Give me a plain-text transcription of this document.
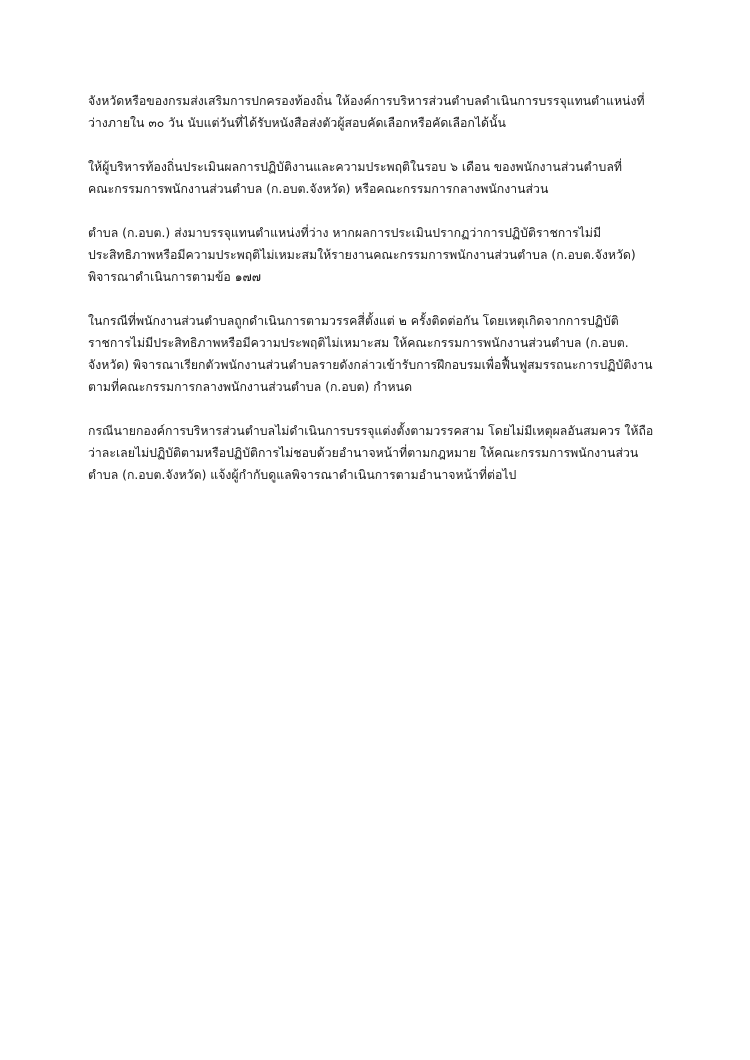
จังหวัดหรือของกรมส่งเสริมการปกครองท้องถิ่น ให้องค์การบริหารส่วนตำบลดำเนินการบรรจุแทนตำแหน่งที่
ว่างภายใน ๓๐ วัน นับแต่วันที่ได้รับหนังสือส่งตัวผู้สอบคัดเลือกหรือคัดเลือกได้นั้น

ให้ผู้บริหารท้องถิ่นประเมินผลการปฏิบัติงานและความประพฤติในรอบ ๖ เดือน ของพนักงานส่วนตำบลที่
คณะกรรมการพนักงานส่วนตำบล (ก.อบต.จังหวัด) หรือคณะกรรมการกลางพนักงานส่วน

ตำบล (ก.อบต.) ส่งมาบรรจุแทนตำแหน่งที่ว่าง หากผลการประเมินปรากฏว่าการปฏิบัติราชการไม่มี
ประสิทธิภาพหรือมีความประพฤติไม่เหมะสมให้รายงานคณะกรรมการพนักงานส่วนตำบล (ก.อบต.จังหวัด)
พิจารณาดำเนินการตามข้อ ๑๗๗

ในกรณีที่พนักงานส่วนตำบลถูกดำเนินการตามวรรคสี่ตั้งแต่ ๒ ครั้งติดต่อกัน โดยเหตุเกิดจากการปฏิบัติ
ราชการไม่มีประสิทธิภาพหรือมีความประพฤติไม่เหมาะสม ให้คณะกรรมการพนักงานส่วนตำบล (ก.อบต.
จังหวัด) พิจารณาเรียกตัวพนักงานส่วนตำบลรายดังกล่าวเข้ารับการฝึกอบรมเพื่อฟื้นฟูสมรรถนะการปฏิบัติงาน
ตามที่คณะกรรมการกลางพนักงานส่วนตำบล (ก.อบต) กำหนด

กรณีนายกองค์การบริหารส่วนตำบลไม่ดำเนินการบรรจุแต่งตั้งตามวรรคสาม โดยไม่มีเหตุผลอันสมควร ให้ถือ
ว่าละเลยไม่ปฏิบัติตามหรือปฏิบัติการไม่ชอบด้วยอำนาจหน้าที่ตามกฎหมาย ให้คณะกรรมการพนักงานส่วน
ตำบล (ก.อบต.จังหวัด) แจ้งผู้กำกับดูแลพิจารณาดำเนินการตามอำนาจหน้าที่ต่อไป
